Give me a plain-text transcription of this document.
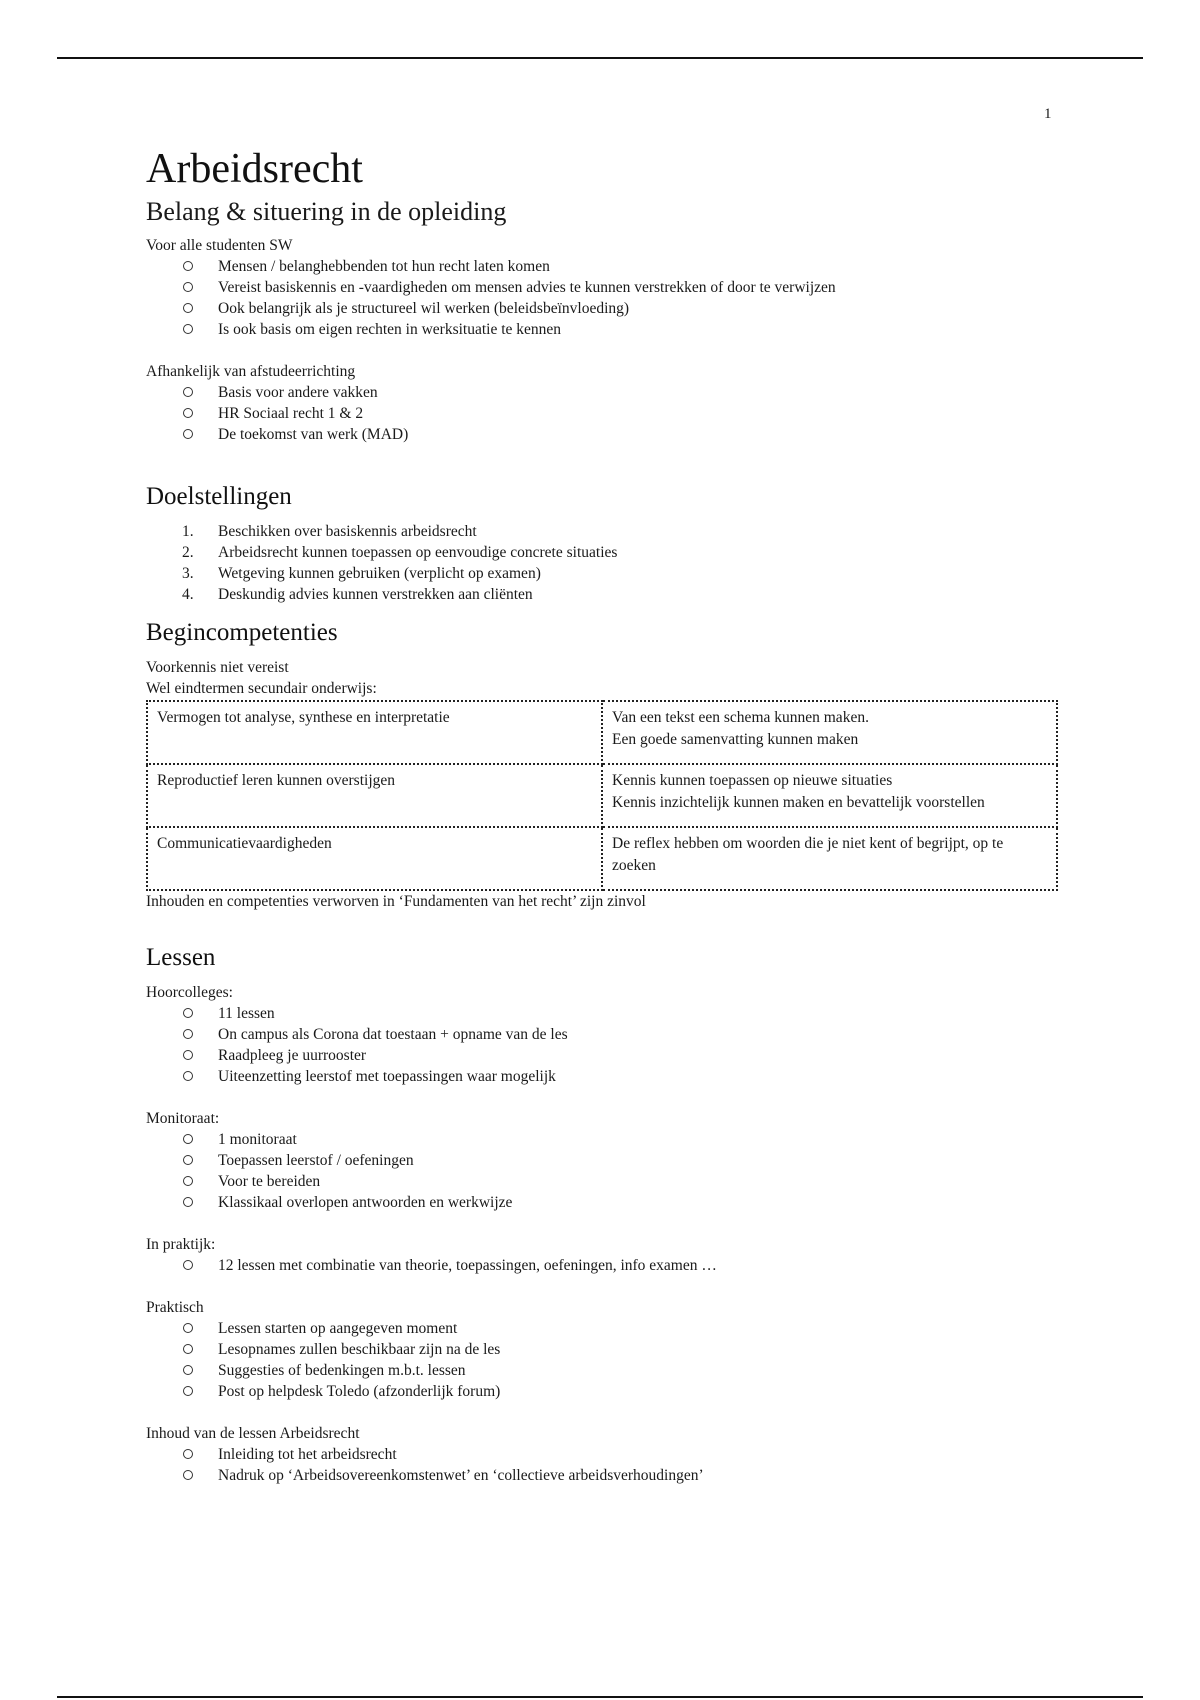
1
Arbeidsrecht
Belang & situering in de opleiding

Voor alle studenten SW

Mensen / belanghebbenden tot hun recht laten komen
Vereist basiskennis en -vaardigheden om mensen advies te kunnen verstrekken of door te verwijzen
Ook belangrijk als je structureel wil werken (beleidsbeïnvloeding)
Is ook basis om eigen rechten in werksituatie te kennen

Afhankelijk van afstudeerrichting

Basis voor andere vakken
HR Sociaal recht 1 & 2
De toekomst van werk (MAD)
Doelstellingen
1. Beschikken over basiskennis arbeidsrecht
2. Arbeidsrecht kunnen toepassen op eenvoudige concrete situaties
3. Wetgeving kunnen gebruiken (verplicht op examen)
4. Deskundig advies kunnen verstrekken aan cliënten
Begincompetenties

Voorkennis niet vereist

Wel eindtermen secundair onderwijs:

Vermogen tot analyse, synthese en interpretatie	Van een tekst een schema kunnen maken.
Een goede samenvatting kunnen maken

Reproductief leren kunnen overstijgen	Kennis kunnen toepassen op nieuwe situaties
Kennis inzichtelijk kunnen maken en bevattelijk voorstellen

Communicatievaardigheden	De reflex hebben om woorden die je niet kent of begrijpt, op te zoeken

Inhouden en competenties verworven in ‘Fundamenten van het recht’ zijn zinvol

Lessen

Hoorcolleges:

11 lessen
On campus als Corona dat toestaan + opname van de les
Raadpleeg je uurrooster
Uiteenzetting leerstof met toepassingen waar mogelijk

Monitoraat:

1 monitoraat
Toepassen leerstof / oefeningen
Voor te bereiden
Klassikaal overlopen antwoorden en werkwijze

In praktijk:

12 lessen met combinatie van theorie, toepassingen, oefeningen, info examen …

Praktisch

Lessen starten op aangegeven moment
Lesopnames zullen beschikbaar zijn na de les
Suggesties of bedenkingen m.b.t. lessen
Post op helpdesk Toledo (afzonderlijk forum)

Inhoud van de lessen Arbeidsrecht

Inleiding tot het arbeidsrecht
Nadruk op ‘Arbeidsovereenkomstenwet’ en ‘collectieve arbeidsverhoudingen’
